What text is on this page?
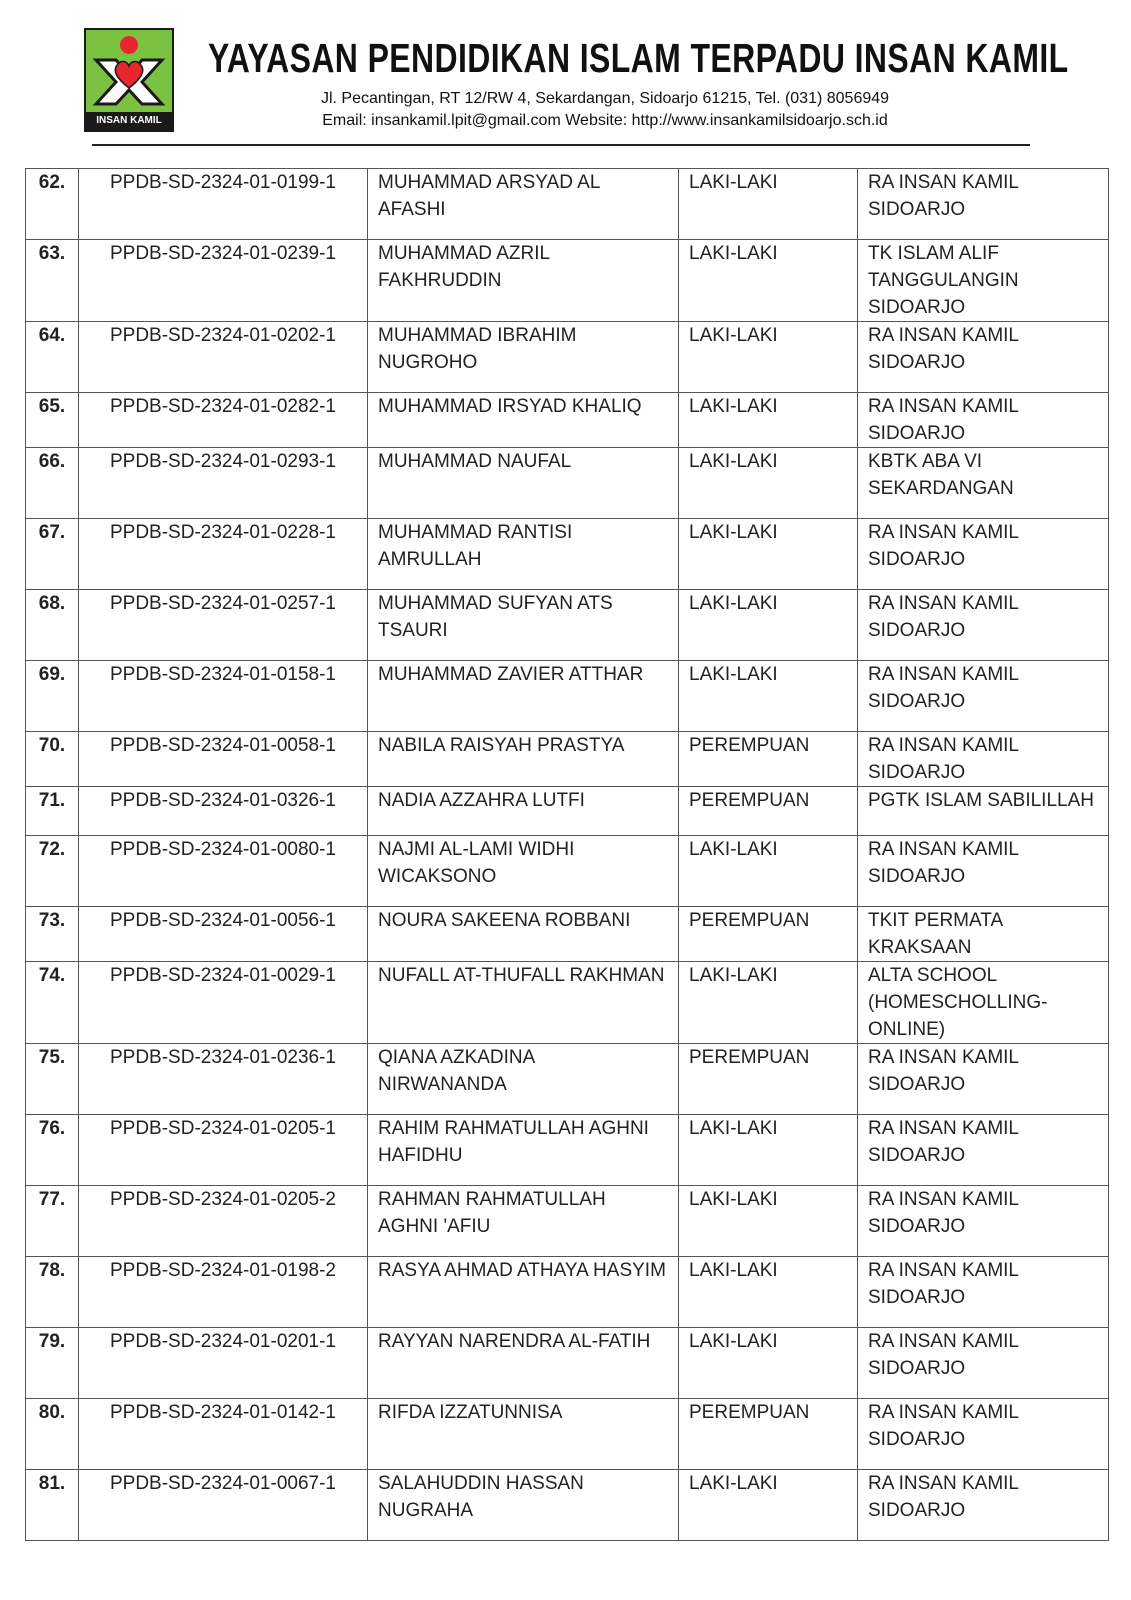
INSAN KAMIL
YAYASAN PENDIDIKAN ISLAM TERPADU INSAN KAMIL
Jl. Pecantingan, RT 12/RW 4, Sekardangan, Sidoarjo 61215, Tel. (031) 8056949
Email: insankamil.lpit@gmail.com Website: http://www.insankamilsidoarjo.sch.id
62.	PPDB-SD-2324-01-0199-1	MUHAMMAD ARSYAD AL AFASHI	LAKI-LAKI	RA INSAN KAMIL SIDOARJO
63.	PPDB-SD-2324-01-0239-1	MUHAMMAD AZRIL FAKHRUDDIN	LAKI-LAKI	TK ISLAM ALIF TANGGULANGIN SIDOARJO
64.	PPDB-SD-2324-01-0202-1	MUHAMMAD IBRAHIM NUGROHO	LAKI-LAKI	RA INSAN KAMIL SIDOARJO
65.	PPDB-SD-2324-01-0282-1	MUHAMMAD IRSYAD KHALIQ	LAKI-LAKI	RA INSAN KAMIL SIDOARJO
66.	PPDB-SD-2324-01-0293-1	MUHAMMAD NAUFAL	LAKI-LAKI	KBTK ABA VI SEKARDANGAN
67.	PPDB-SD-2324-01-0228-1	MUHAMMAD RANTISI AMRULLAH	LAKI-LAKI	RA INSAN KAMIL SIDOARJO
68.	PPDB-SD-2324-01-0257-1	MUHAMMAD SUFYAN ATS TSAURI	LAKI-LAKI	RA INSAN KAMIL SIDOARJO
69.	PPDB-SD-2324-01-0158-1	MUHAMMAD ZAVIER ATTHAR	LAKI-LAKI	RA INSAN KAMIL SIDOARJO
70.	PPDB-SD-2324-01-0058-1	NABILA RAISYAH PRASTYA	PEREMPUAN	RA INSAN KAMIL SIDOARJO
71.	PPDB-SD-2324-01-0326-1	NADIA AZZAHRA LUTFI	PEREMPUAN	PGTK ISLAM SABILILLAH
72.	PPDB-SD-2324-01-0080-1	NAJMI AL-LAMI WIDHI WICAKSONO	LAKI-LAKI	RA INSAN KAMIL SIDOARJO
73.	PPDB-SD-2324-01-0056-1	NOURA SAKEENA ROBBANI	PEREMPUAN	TKIT PERMATA KRAKSAAN
74.	PPDB-SD-2324-01-0029-1	NUFALL AT-THUFALL RAKHMAN	LAKI-LAKI	ALTA SCHOOL (HOMESCHOLLING-ONLINE)
75.	PPDB-SD-2324-01-0236-1	QIANA AZKADINA NIRWANANDA	PEREMPUAN	RA INSAN KAMIL SIDOARJO
76.	PPDB-SD-2324-01-0205-1	RAHIM RAHMATULLAH AGHNI HAFIDHU	LAKI-LAKI	RA INSAN KAMIL SIDOARJO
77.	PPDB-SD-2324-01-0205-2	RAHMAN RAHMATULLAH AGHNI 'AFIU	LAKI-LAKI	RA INSAN KAMIL SIDOARJO
78.	PPDB-SD-2324-01-0198-2	RASYA AHMAD ATHAYA HASYIM	LAKI-LAKI	RA INSAN KAMIL SIDOARJO
79.	PPDB-SD-2324-01-0201-1	RAYYAN NARENDRA AL-FATIH	LAKI-LAKI	RA INSAN KAMIL SIDOARJO
80.	PPDB-SD-2324-01-0142-1	RIFDA IZZATUNNISA	PEREMPUAN	RA INSAN KAMIL SIDOARJO
81.	PPDB-SD-2324-01-0067-1	SALAHUDDIN HASSAN NUGRAHA	LAKI-LAKI	RA INSAN KAMIL SIDOARJO
